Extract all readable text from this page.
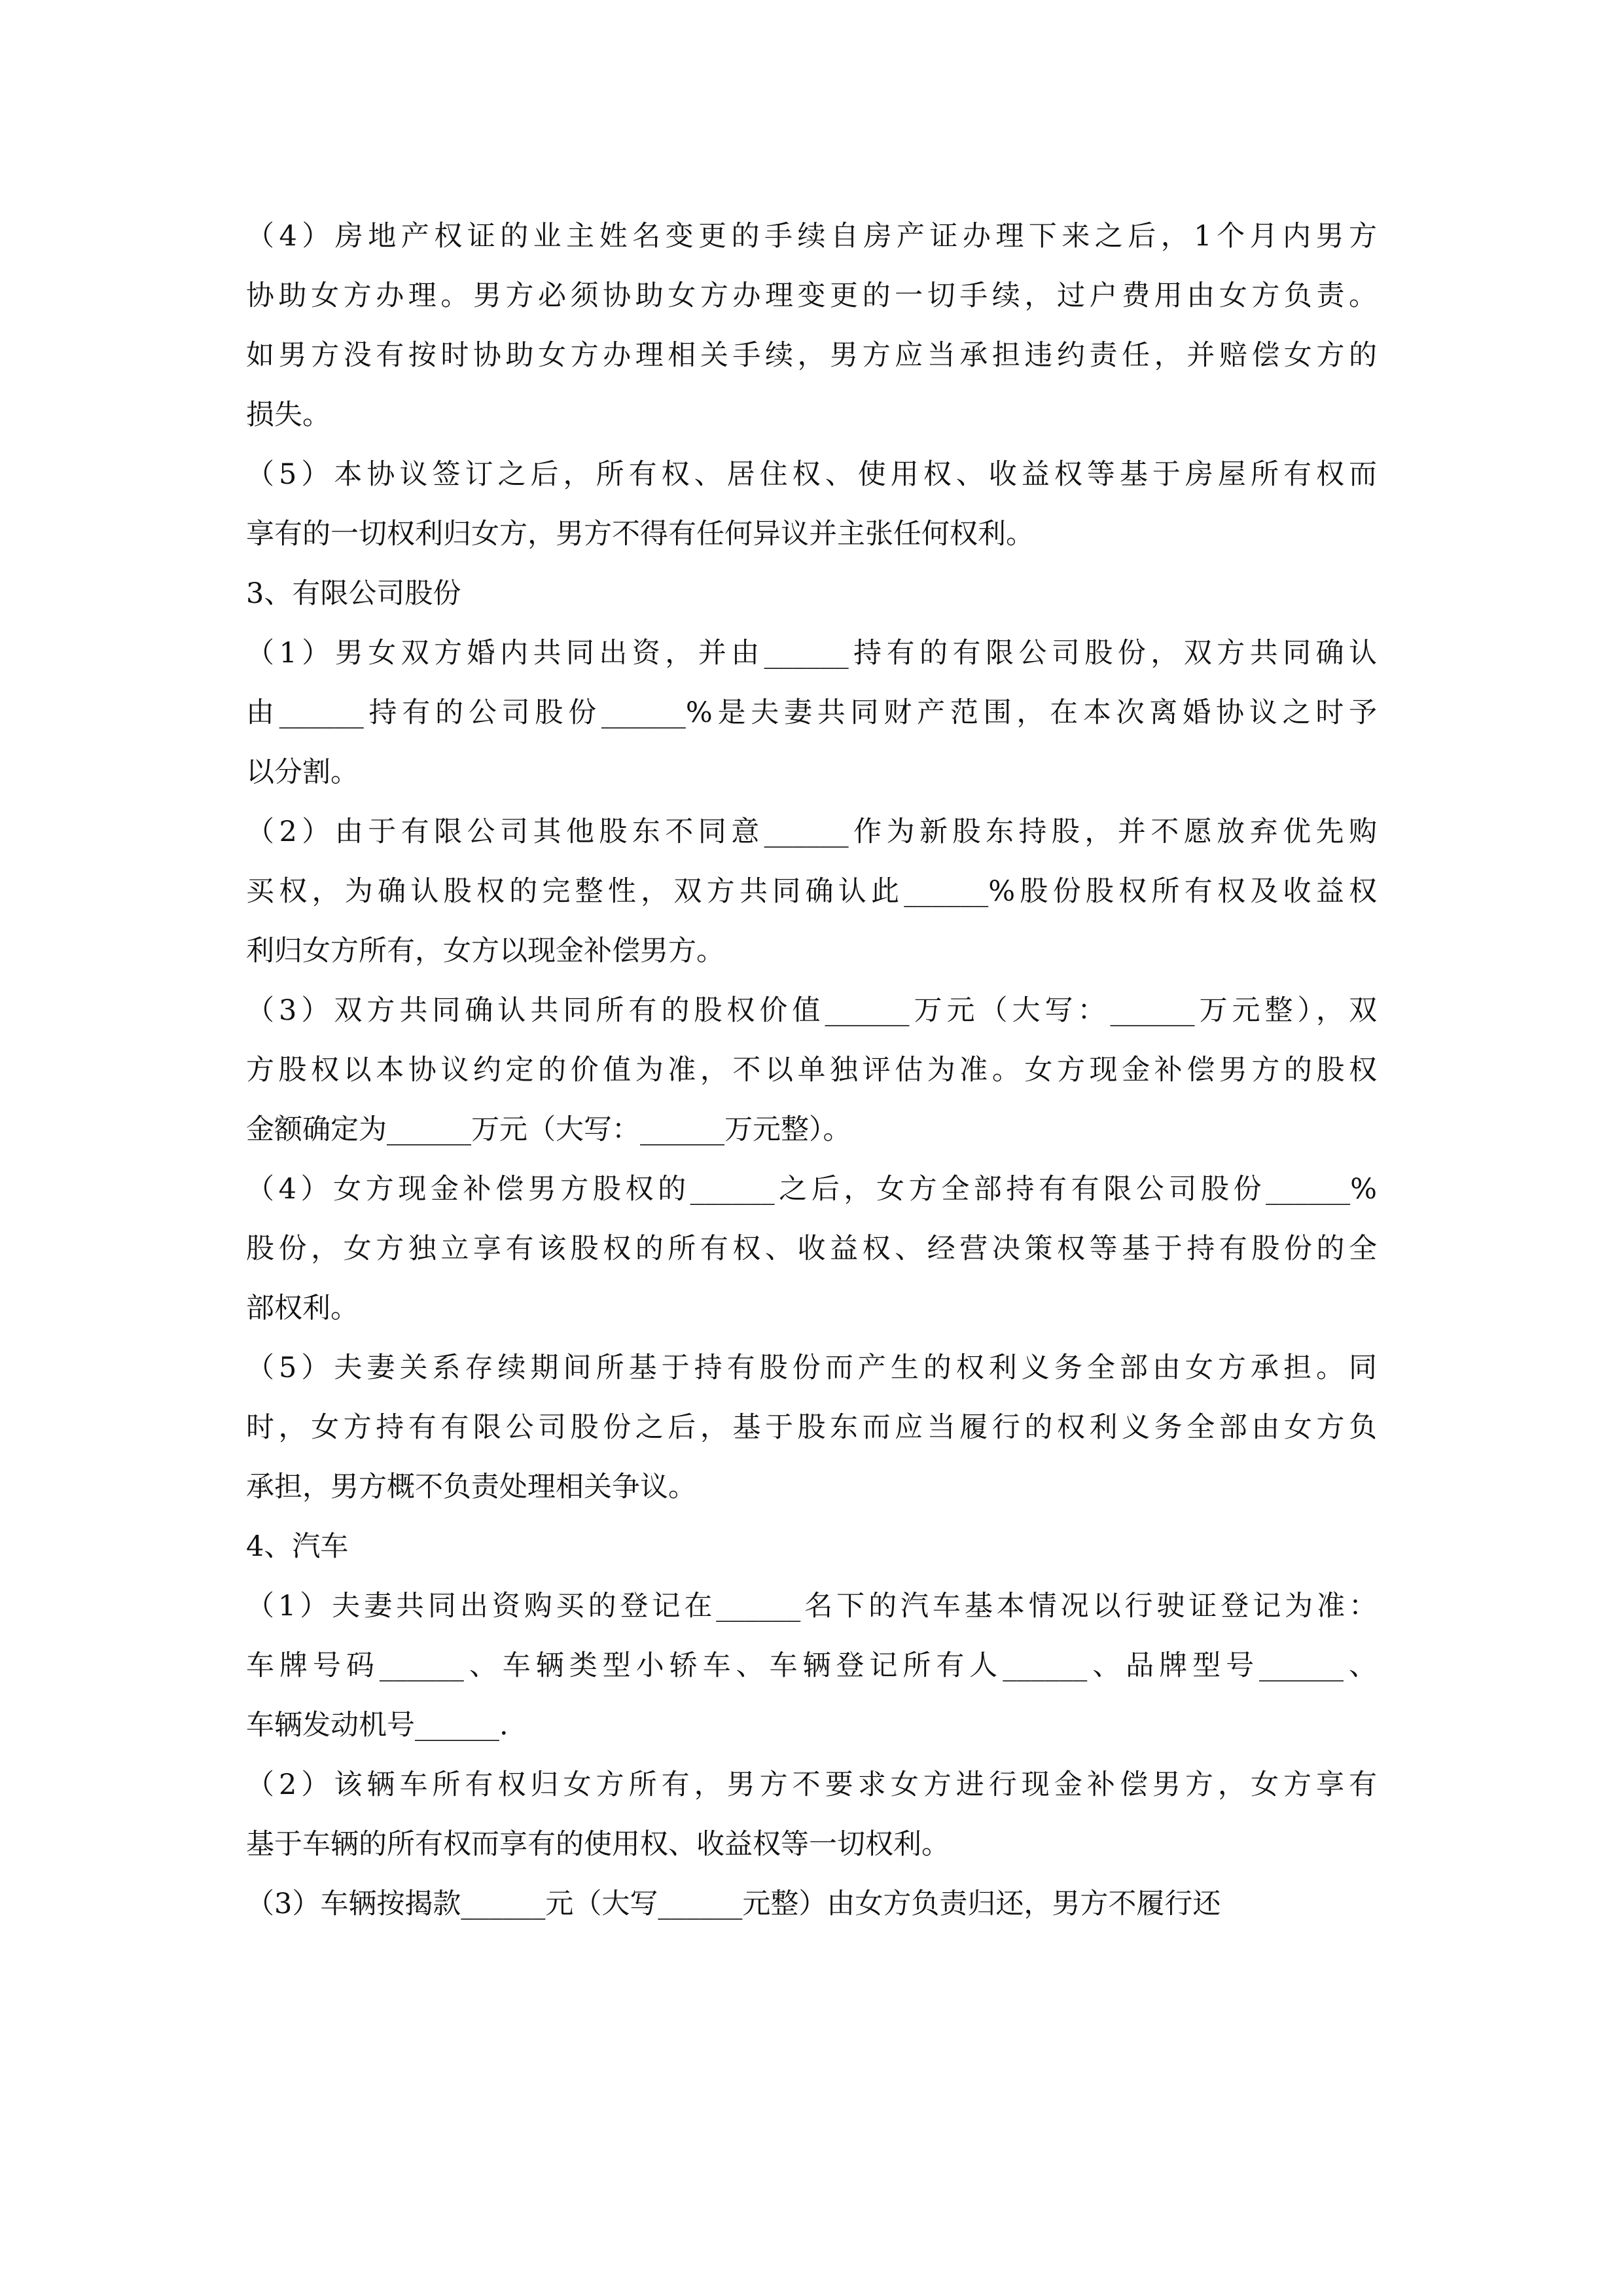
（4）房地产权证的业主姓名变更的手续自房产证办理下来之后，1个月内男方
协助女方办理。男方必须协助女方办理变更的一切手续，过户费用由女方负责。
如男方没有按时协助女方办理相关手续，男方应当承担违约责任，并赔偿女方的
损失。
（5）本协议签订之后，所有权、居住权、使用权、收益权等基于房屋所有权而
享有的一切权利归女方，男方不得有任何异议并主张任何权利。
3、有限公司股份
（1）男女双方婚内共同出资，并由______持有的有限公司股份，双方共同确认
由______持有的公司股份______%是夫妻共同财产范围，在本次离婚协议之时予
以分割。
（2）由于有限公司其他股东不同意______作为新股东持股，并不愿放弃优先购
买权，为确认股权的完整性，双方共同确认此______%股份股权所有权及收益权
利归女方所有，女方以现金补偿男方。
（3）双方共同确认共同所有的股权价值______万元（大写：______万元整），双
方股权以本协议约定的价值为准，不以单独评估为准。女方现金补偿男方的股权
金额确定为______万元（大写：______万元整）。
（4）女方现金补偿男方股权的______之后，女方全部持有有限公司股份______%
股份，女方独立享有该股权的所有权、收益权、经营决策权等基于持有股份的全
部权利。
（5）夫妻关系存续期间所基于持有股份而产生的权利义务全部由女方承担。同
时，女方持有有限公司股份之后，基于股东而应当履行的权利义务全部由女方负
承担，男方概不负责处理相关争议。
4、汽车
（1）夫妻共同出资购买的登记在______名下的汽车基本情况以行驶证登记为准：
车牌号码______、车辆类型小轿车、车辆登记所有人______、品牌型号______、
车辆发动机号______.
（2）该辆车所有权归女方所有，男方不要求女方进行现金补偿男方，女方享有
基于车辆的所有权而享有的使用权、收益权等一切权利。
（3）车辆按揭款______元（大写______元整）由女方负责归还，男方不履行还
